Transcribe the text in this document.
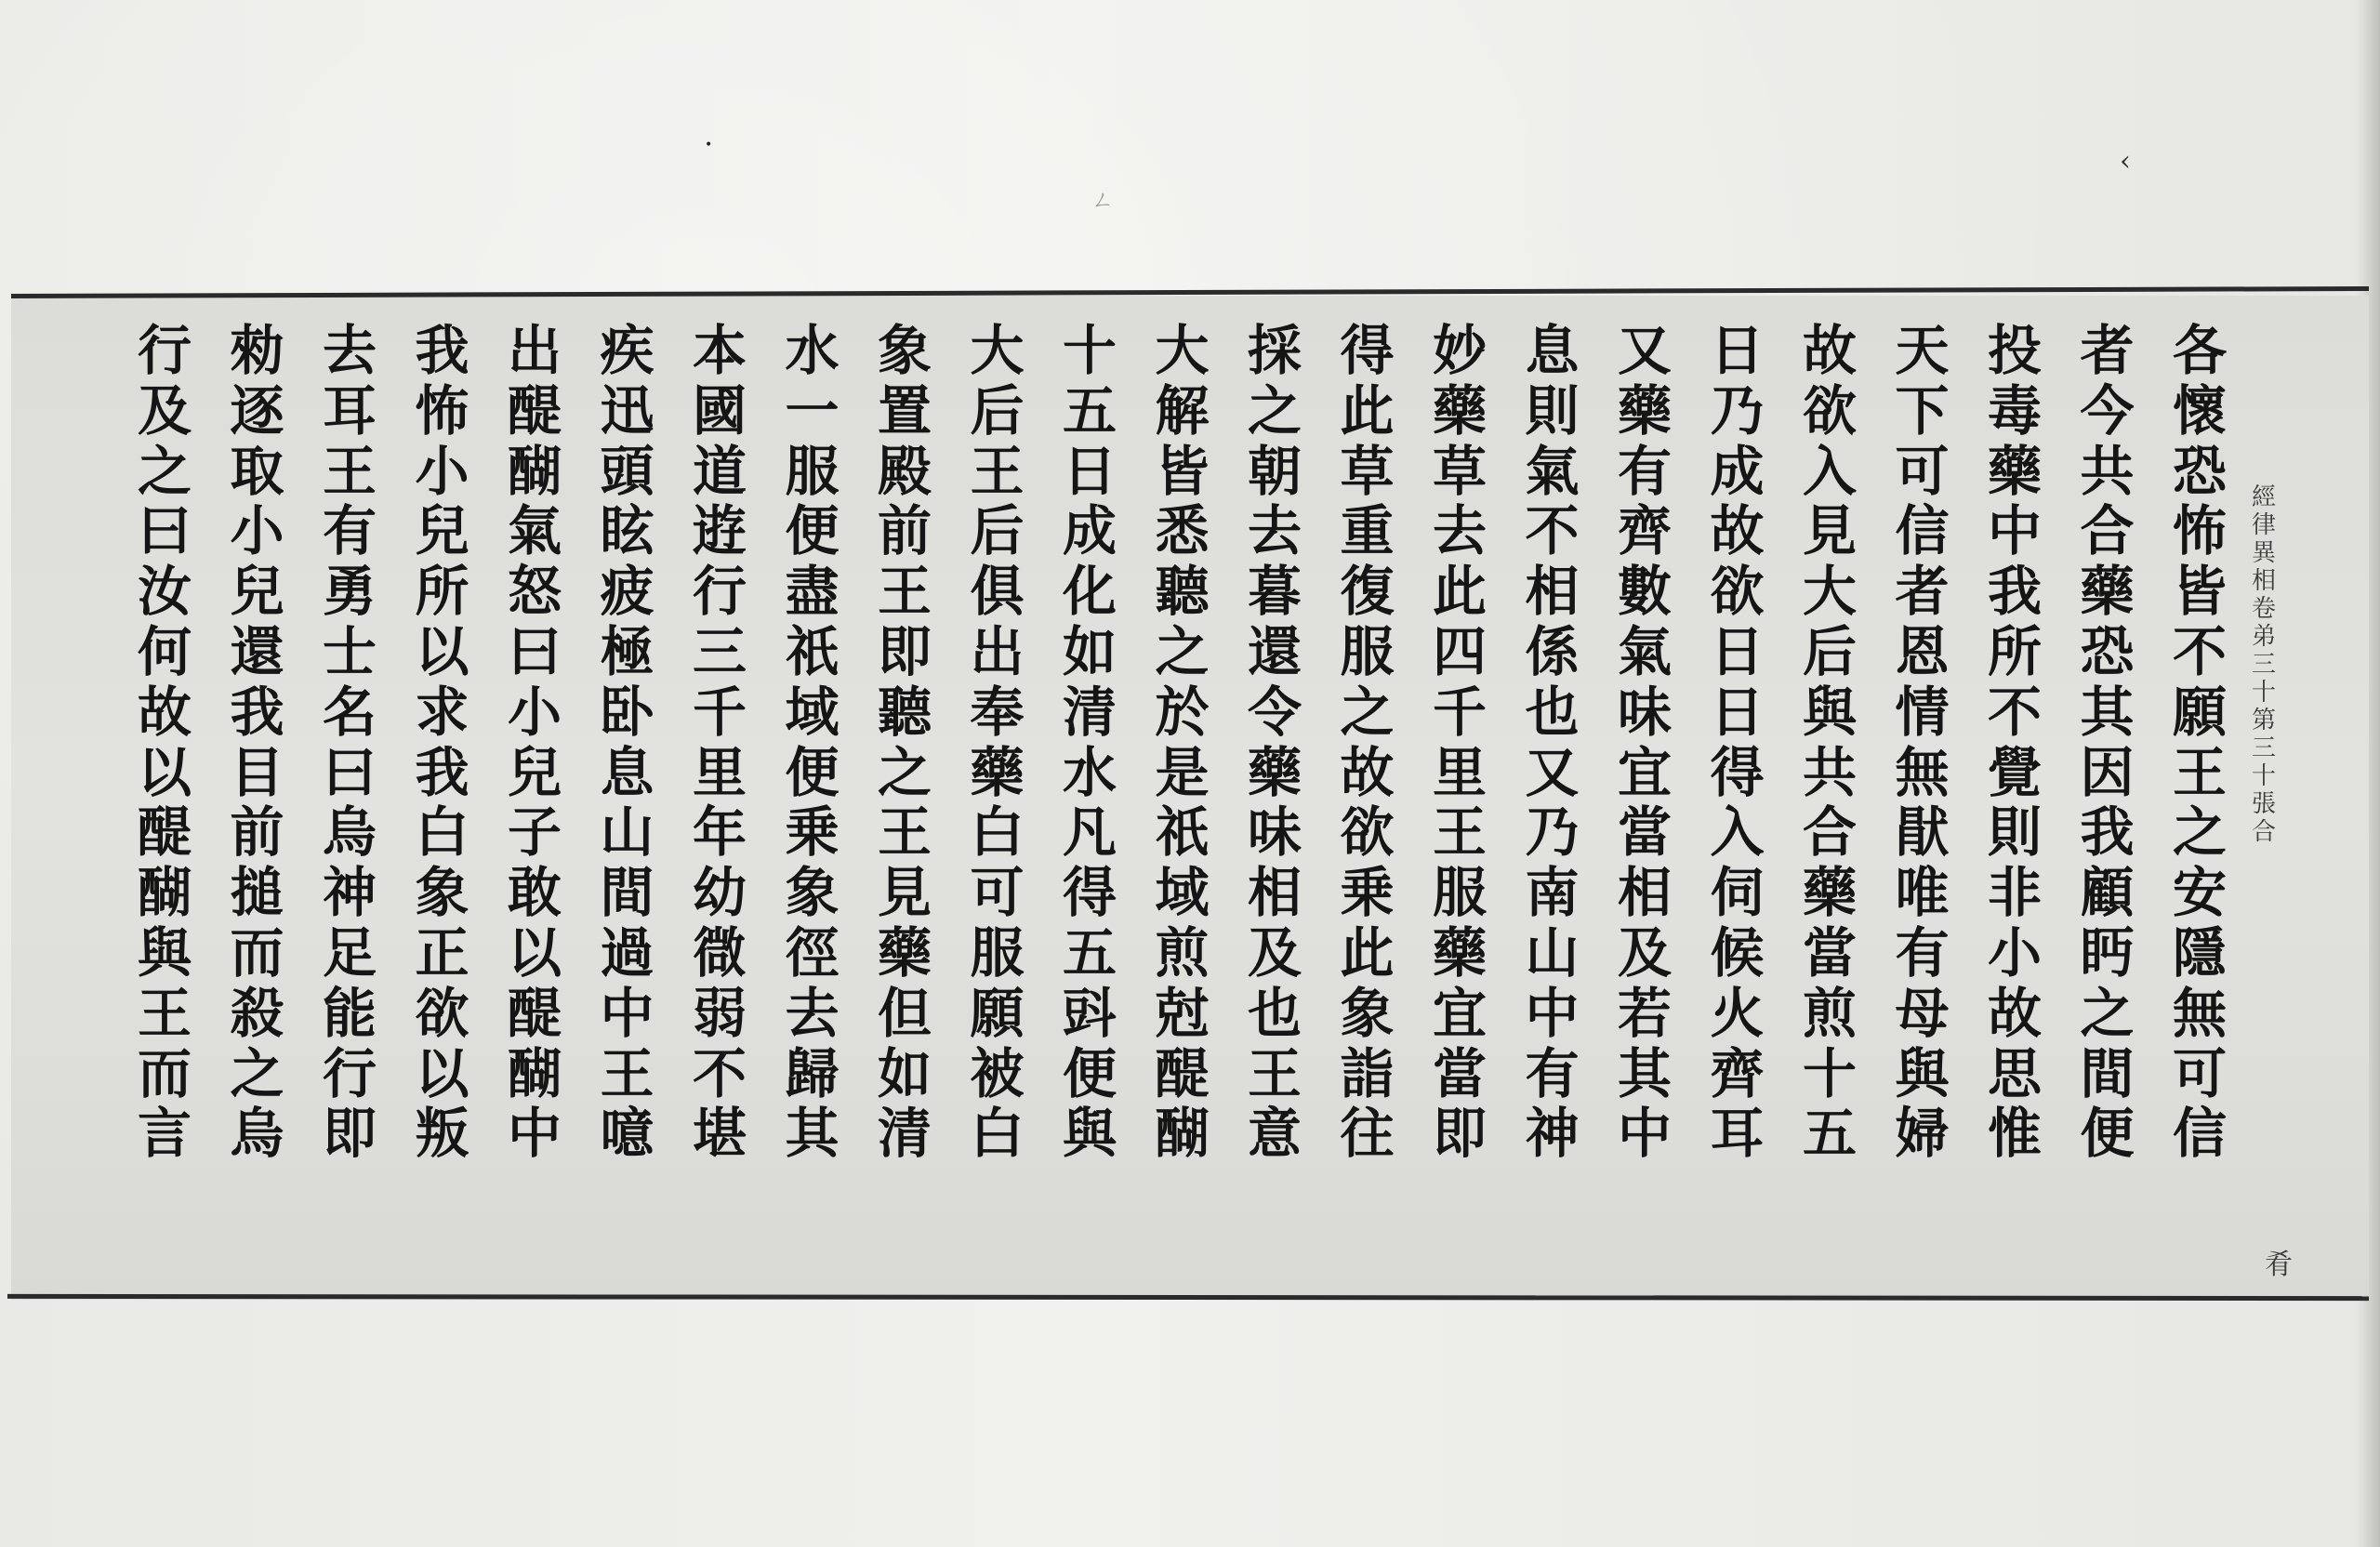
•
ㄥ
‹
各
懷
恐
怖
皆
不
願
王
之
安
隱
無
可
信
者
今
共
合
藥
恐
其
因
我
顧
眄
之
間
便
投
毒
藥
中
我
所
不
覺
則
非
小
故
思
惟
天
下
可
信
者
恩
情
無
猒
唯
有
母
與
婦
故
欲
入
見
大
后
與
共
合
藥
當
煎
十
五
日
乃
成
故
欲
日
日
得
入
伺
候
火
齊
耳
又
藥
有
齊
數
氣
味
宜
當
相
及
若
其
中
息
則
氣
不
相
係
也
又
乃
南
山
中
有
神
妙
藥
草
去
此
四
千
里
王
服
藥
宜
當
即
得
此
草
重
復
服
之
故
欲
乗
此
象
詣
往
採
之
朝
去
暮
還
令
藥
味
相
及
也
王
意
大
解
皆
悉
聽
之
於
是
祇
域
煎
尅
醍
醐
十
五
日
成
化
如
清
水
凡
得
五
㪷
便
與
大
后
王
后
俱
出
奉
藥
白
可
服
願
被
白
象
置
殿
前
王
即
聽
之
王
見
藥
但
如
清
水
一
服
便
盡
祇
域
便
乗
象
徑
去
歸
其
本
國
道
逰
行
三
千
里
年
幼
㣲
弱
不
堪
疾
迅
頭
眩
疲
極
卧
息
山
間
過
中
王
噫
出
醍
醐
氣
怒
曰
小
兒
子
敢
以
醍
醐
中
我
怖
小
兒
所
以
求
我
白
象
正
欲
以
叛
去
耳
王
有
勇
士
名
曰
烏
神
足
能
行
即
勑
逐
取
小
兒
還
我
目
前
搥
而
殺
之
烏
行
及
之
曰
汝
何
故
以
醍
醐
與
王
而
言
經律異相卷弟三十 第三十張 合
肴
